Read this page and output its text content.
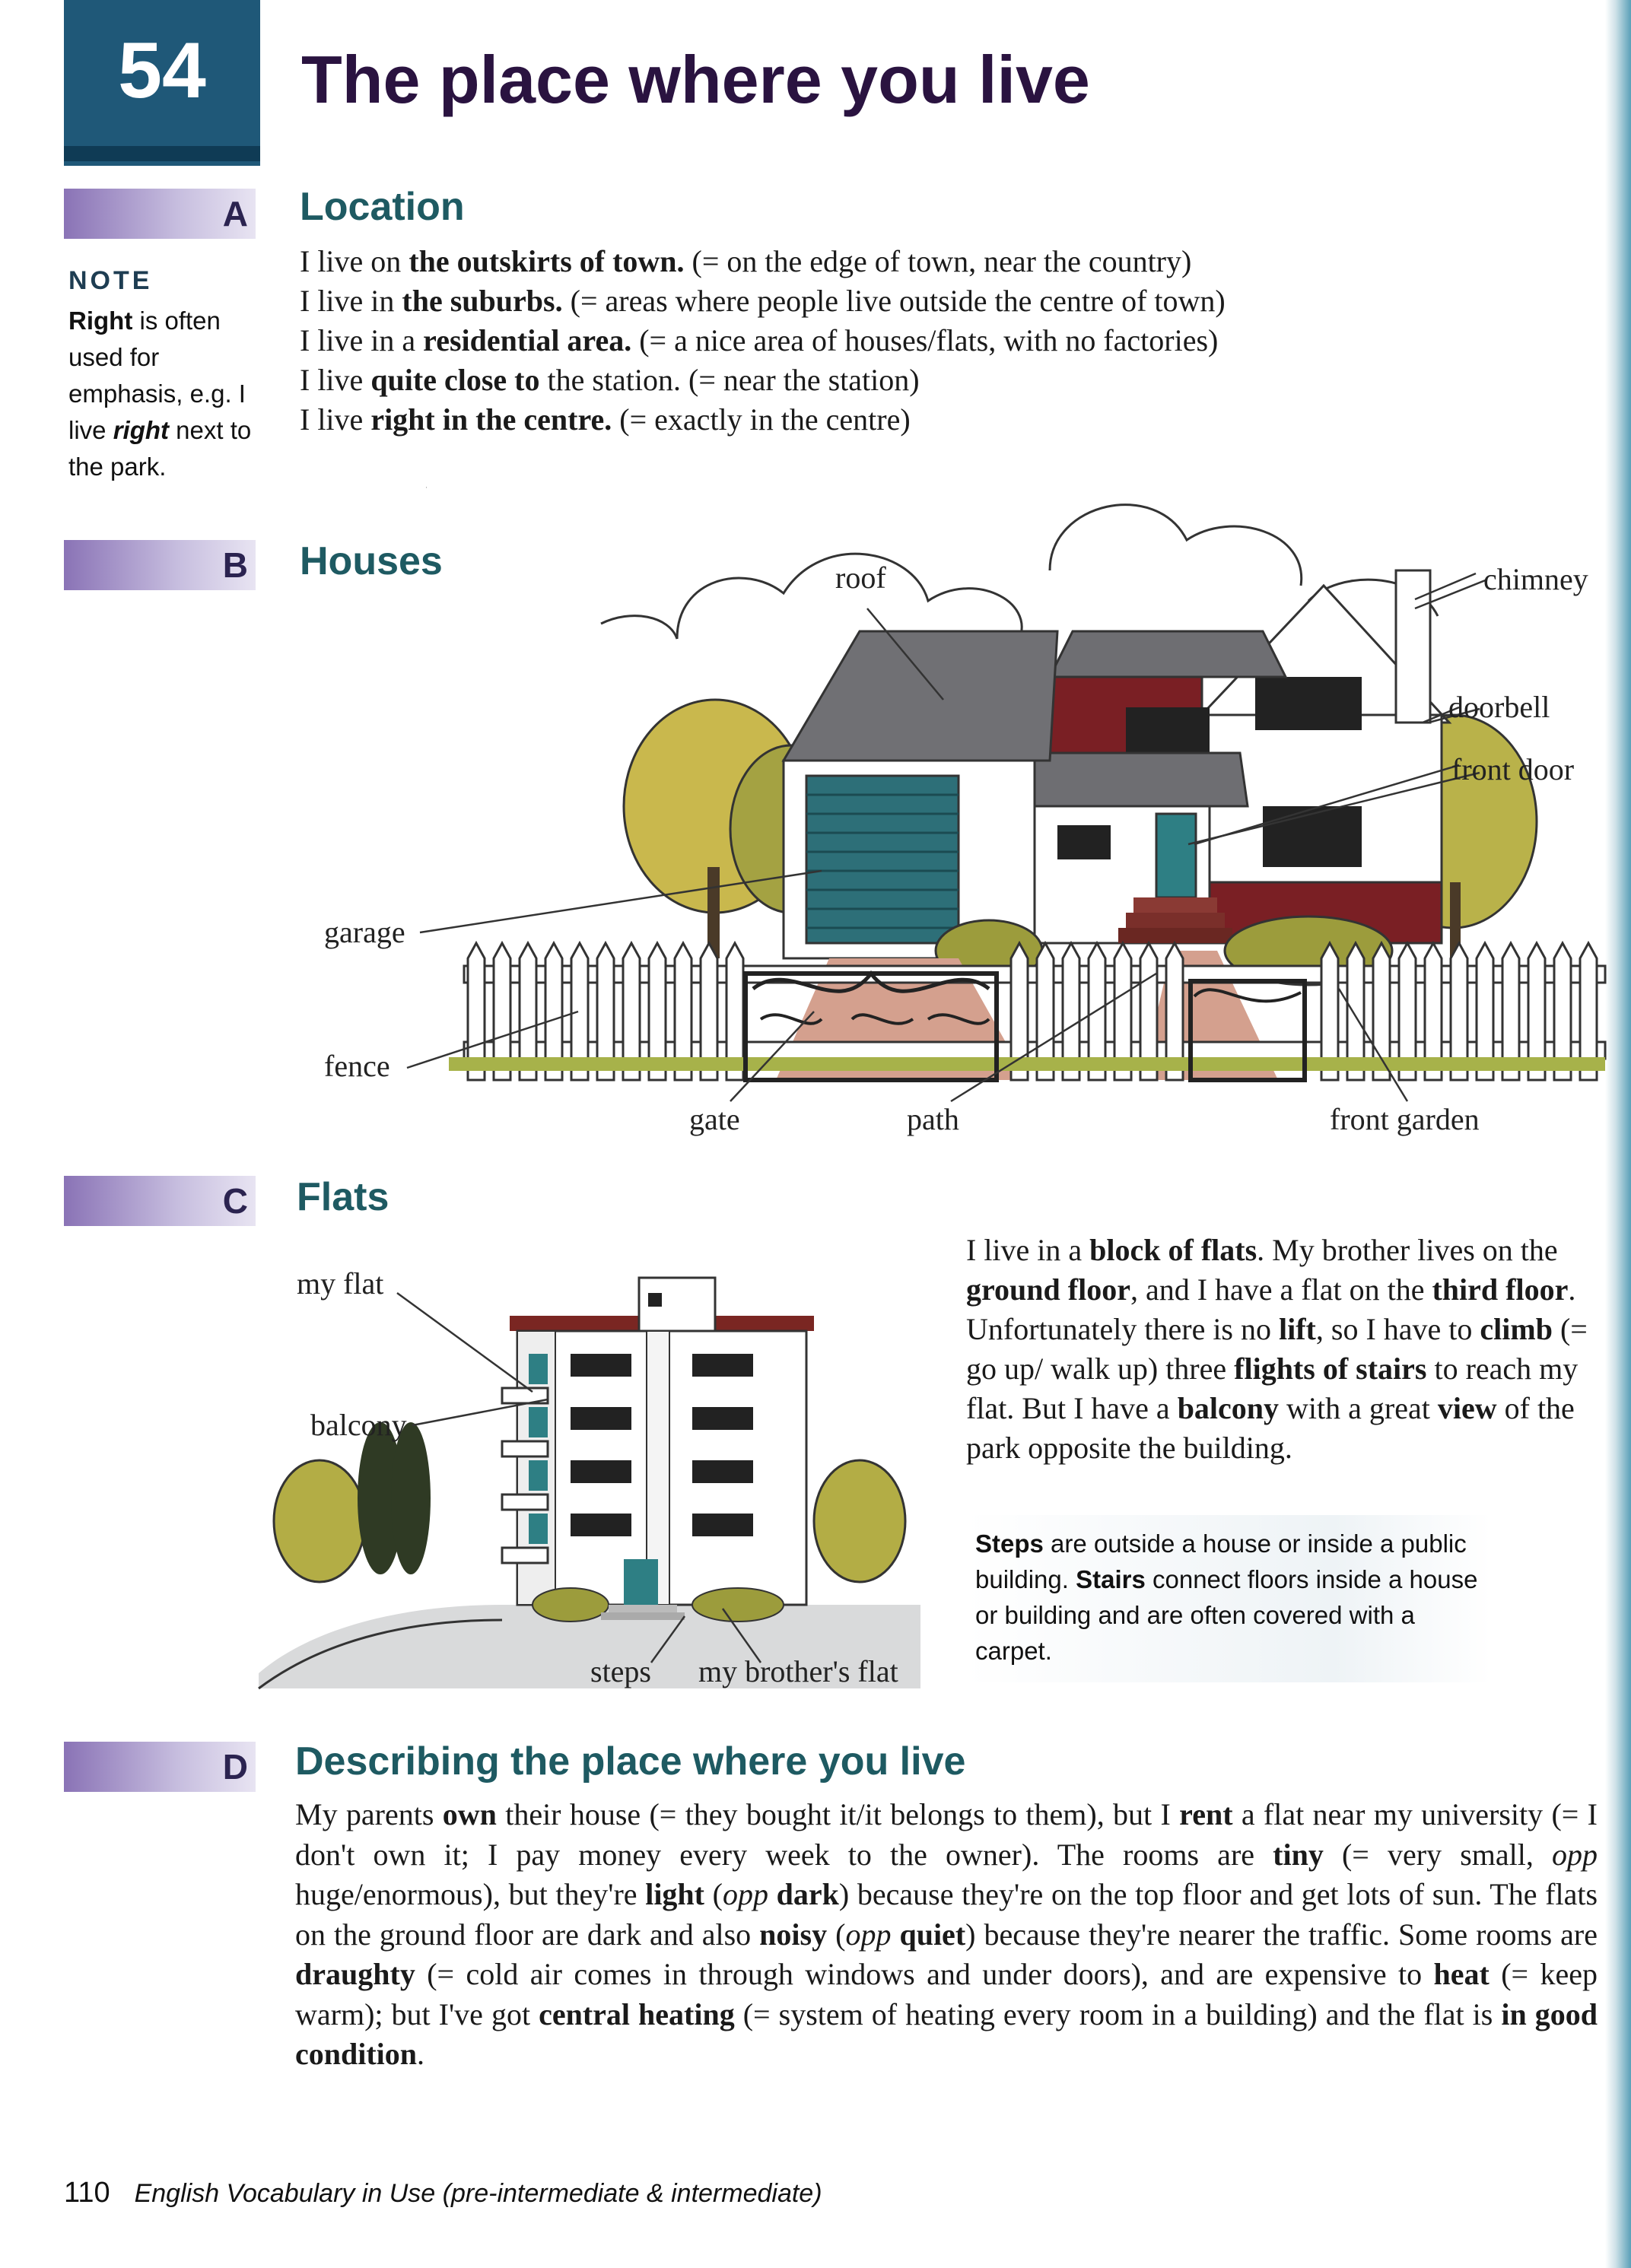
54	The place where you live
A Location
NOTE
Right is often used for emphasis, e.g. I live right next to the park.
I live on the outskirts of town. (= on the edge of town, near the country)
I live in the suburbs. (= areas where people live outside the centre of town)
I live in a residential area. (= a nice area of houses/flats, with no factories)
I live quite close to the station. (= near the station)
I live right in the centre. (= exactly in the centre)
B Houses	roof	chimney
doorbell
front door
garage
fence
gate	path	front garden
C Flats
my flat
balcony
steps my brother's flat
I live in a block of flats. My brother lives on the ground floor, and I have a flat on the third floor. Unfortunately there is no lift, so I have to climb (= go up/ walk up) three flights of stairs to reach my flat. But I have a balcony with a great view of the park opposite the building.
Steps are outside a house or inside a public building. Stairs connect floors inside a house or building and are often covered with a carpet.
D Describing the place where you live
My parents own their house (= they bought it/it belongs to them), but I rent a flat near my university (= I don't own it; I pay money every week to the owner). The rooms are tiny (= very small, opp huge/enormous), but they're light (opp dark) because they're on the top floor and get lots of sun. The flats on the ground floor are dark and also noisy (opp quiet) because they're nearer the traffic. Some rooms are draughty (= cold air comes in through windows and under doors), and are expensive to heat (= keep warm); but I've got central heating (= system of heating every room in a building) and the flat is in good condition.
110 English Vocabulary in Use (pre-intermediate & intermediate)
